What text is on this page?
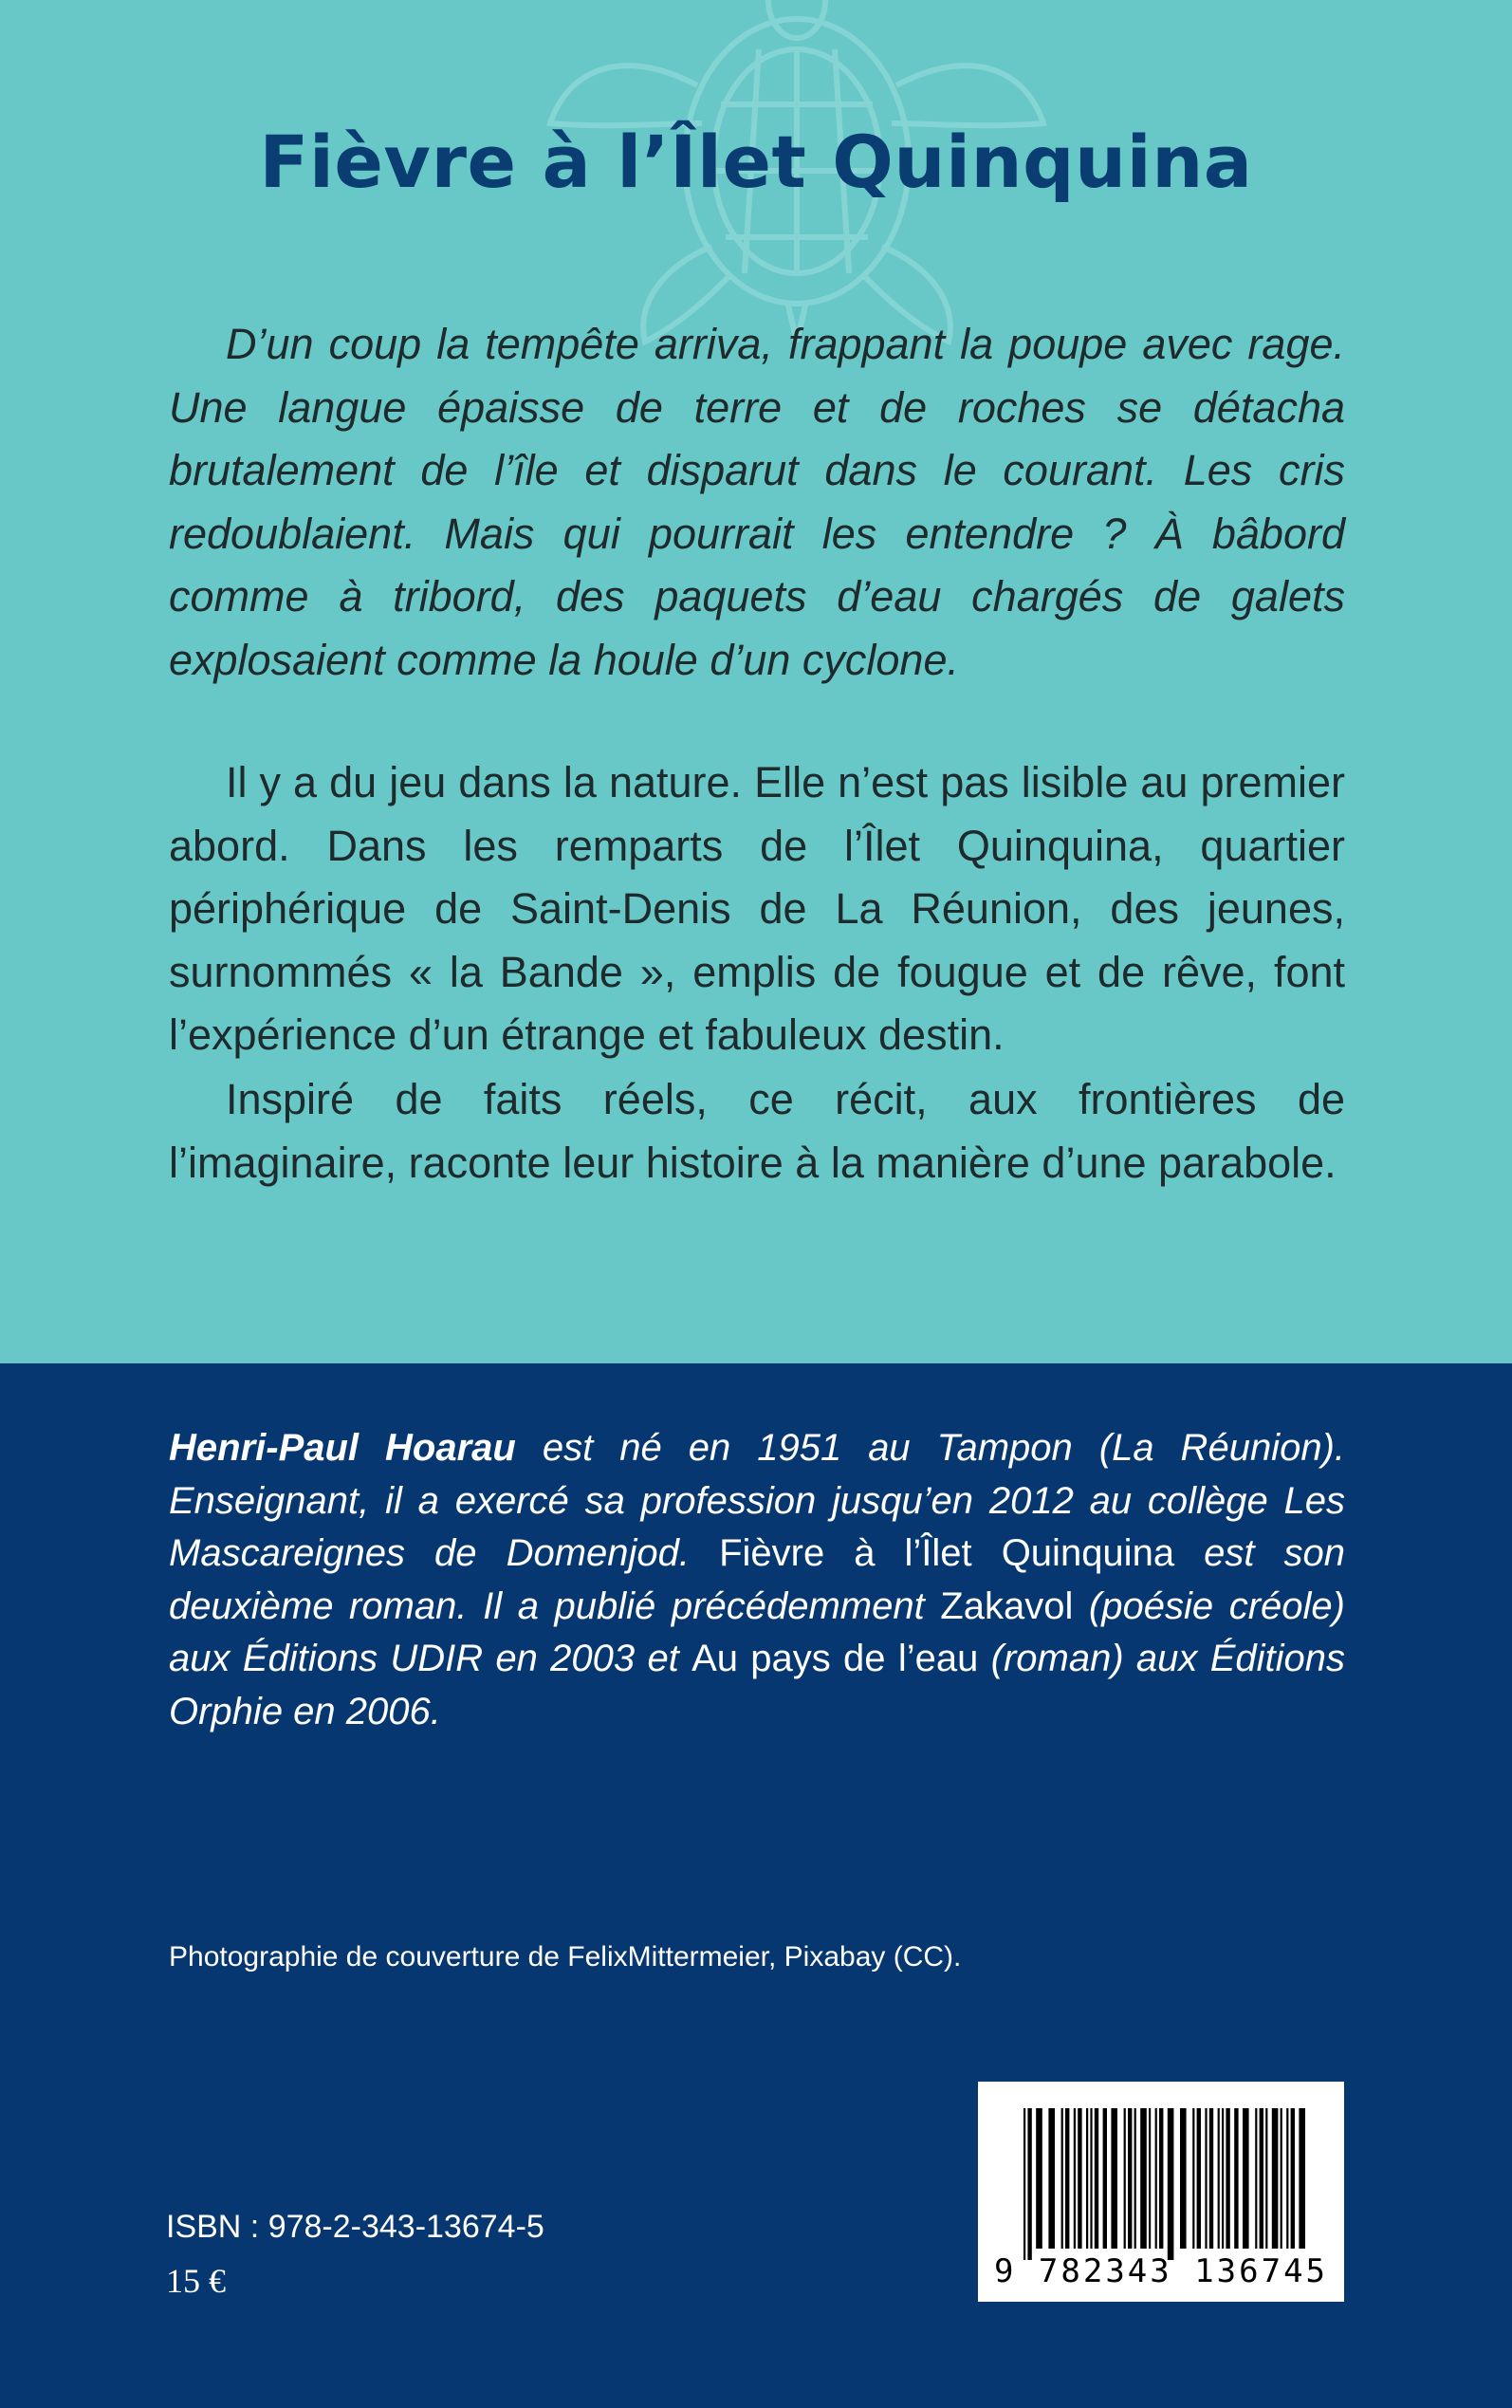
Fièvre à l’Îlet Quinquina

D’un coup la tempête arriva, frappant la poupe avec rage. Une langue épaisse de terre et de roches se détacha brutalement de l’île et disparut dans le courant. Les cris redoublaient. Mais qui pourrait les entendre ? À bâbord comme à tribord, des paquets d’eau chargés de galets explosaient comme la houle d’un cyclone.

Il y a du jeu dans la nature. Elle n’est pas lisible au premier abord. Dans les remparts de l’Îlet Quinquina, quartier périphérique de Saint-Denis de La Réunion, des jeunes, surnommés « la Bande », emplis de fougue et de rêve, font l’expérience d’un étrange et fabuleux destin.

Inspiré de faits réels, ce récit, aux frontières de l’imaginaire, raconte leur histoire à la manière d’une parabole.

Henri-Paul Hoarau est né en 1951 au Tampon (La Réunion). Enseignant, il a exercé sa profession jusqu’en 2012 au collège Les Mascareignes de Domenjod. Fièvre à l’Îlet Quinquina est son deuxième roman. Il a publié précédemment Zakavol (poésie créole) aux Éditions UDIR en 2003 et Au pays de l’eau (roman) aux Éditions Orphie en 2006.

Photographie de couverture de FelixMittermeier, Pixabay (CC).

ISBN : 978-2-343-13674-5

15 €	9 782343 136745
